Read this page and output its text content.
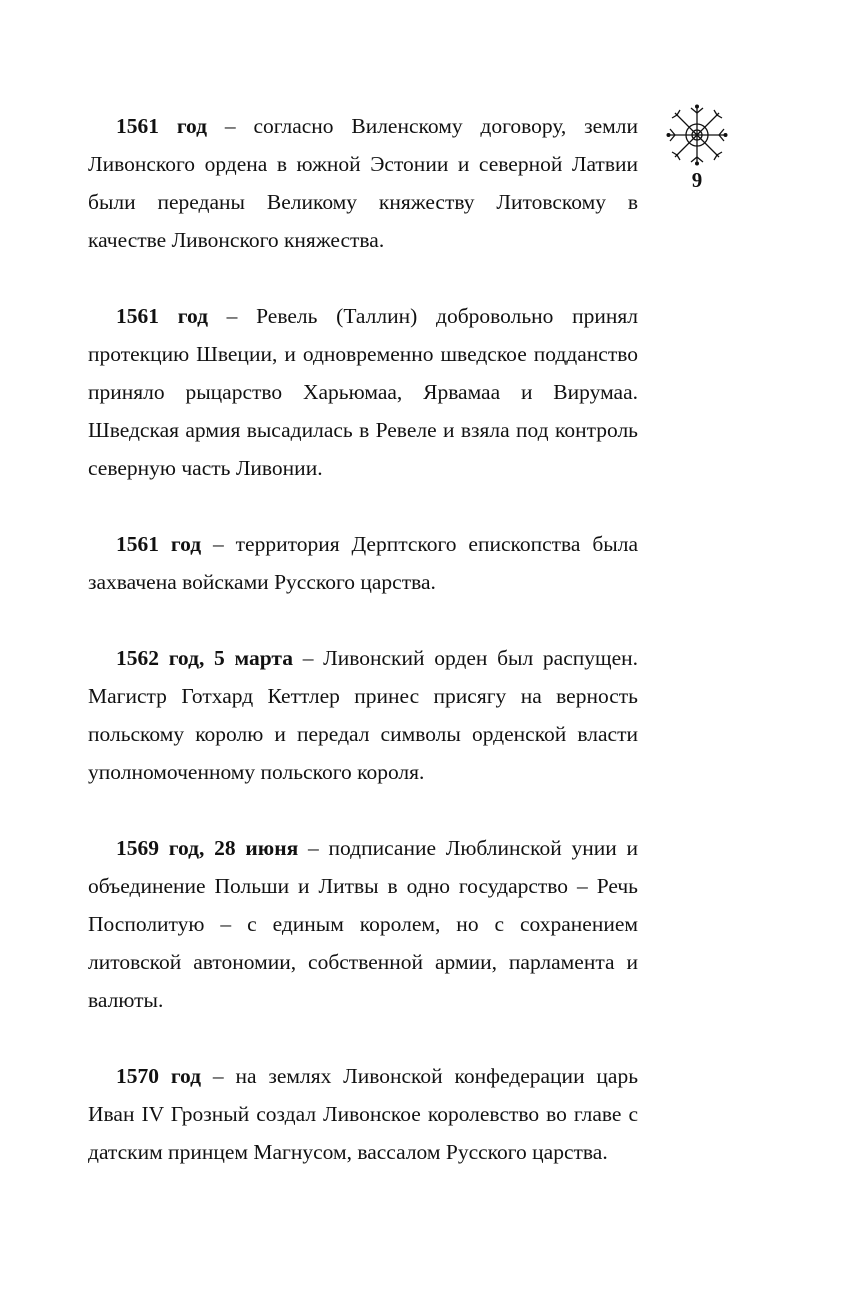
9

1561 год – согласно Виленскому договору, земли Ливонского ордена в южной Эстонии и северной Латвии были переданы Великому княжеству Литовскому в качестве Ливонского княжества.

1561 год – Ревель (Таллин) добровольно принял протекцию Швеции, и одновременно шведское подданство приняло рыцарство Харьюмаа, Ярвамаа и Вирумаа. Шведская армия высадилась в Ревеле и взяла под контроль северную часть Ливонии.

1561 год – территория Дерптского епископства была захвачена войсками Русского царства.

1562 год, 5 марта – Ливонский орден был распущен. Магистр Готхард Кеттлер принес присягу на верность польскому королю и передал символы орденской власти уполномоченному польского короля.

1569 год, 28 июня – подписание Люблинской унии и объединение Польши и Литвы в одно государство – Речь Посполитую – с единым королем, но с сохранением литовской автономии, собственной армии, парламента и валюты.

1570 год – на землях Ливонской конфедерации царь Иван IV Грозный создал Ливонское королевство во главе с датским принцем Магнусом, вассалом Русского царства.
